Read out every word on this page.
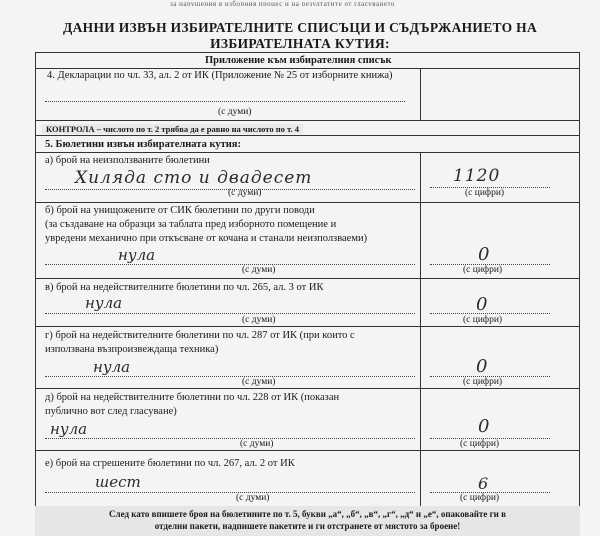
за нарушения в изборния процес и на резултатите от гласуването
ДАННИ ИЗВЪН ИЗБИРАТЕЛНИТЕ СПИСЪЦИ И СЪДЪРЖАНИЕТО НА
ИЗБИРАТЕЛНАТА КУТИЯ:
Приложение към избирателния списък
4. Декларации по чл. 33, ал. 2 от ИК (Приложение № 25 от изборните книжа)
(с думи)
КОНТРОЛА – числото по т. 2 трябва да е равно на числото по т. 4
5. Бюлетини извън избирателната кутия:
а) брой на неизползваните бюлетини
Хиляда сто и двадесет
(с думи)
1120
(с цифри)
б) брой на унищожените от СИК бюлетини по други поводи
(за създаване на образци за таблата пред изборното помещение и
увредени механично при откъсване от кочана и станали неизползваеми)
нула
(с думи)
0
(с цифри)
в) брой на недействителните бюлетини по чл. 265, ал. 3 от ИК
нула
(с думи)
0
(с цифри)
г) брой на недействителните бюлетини по чл. 287 от ИК (при които с
използвана възпроизвеждаща техника)
нула
(с думи)
0
(с цифри)
д) брой на недействителните бюлетини по чл. 228 от ИК (показан
публично вот след гласуване)
нула
(с думи)
0
(с цифри)
е) брой на сгрешените бюлетини по чл. 267, ал. 2 от ИК
шест
(с думи)
6
(с цифри)
След като впишете броя на бюлетините по т. 5, букви „а“, „б“, „в“, „г“, „д“ и „е“, опаковайте ги в
отделни пакети, надпишете пакетите и ги отстранете от мястото за броене!
